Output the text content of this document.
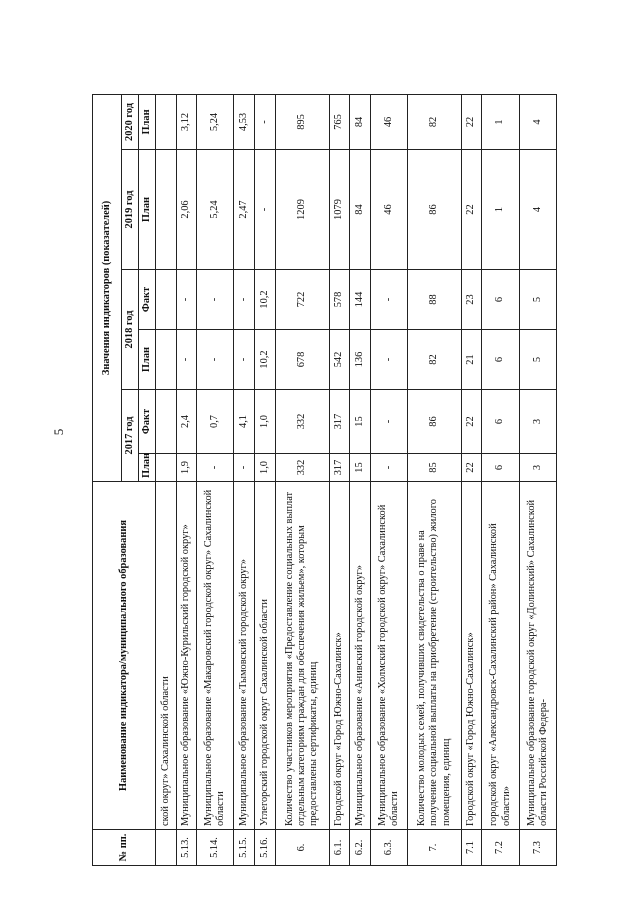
5
№ пп.	Наименование индикатора/муниципального образования	Значения индикаторов (показателей)					
		2017 год		2018 год		2019 год	2020 год
		План	Факт	План	Факт	План	План
	ской округ» Сахалинской области						
5.13.	Муниципальное образование «Южно-Курильский городской округ»	1,9	2,4	-	-	2,06	3,12
5.14.	Муниципальное образование «Макаровский городской округ» Сахалинской области	-	0,7	-	-	5,24	5,24
5.15.	Муниципальное образование «Тымовский городской округ»	-	4,1	-	-	2,47	4,53
5.16.	Углегорский городской округ Сахалинской области	1,0	1,0	10,2	10,2	-	-
6.	Количество участников мероприятия «Предоставление социальных выплат отдельным категориям граждан для обеспечения жильем», которым предоставлены сертификаты, единиц	332	332	678	722	1209	895
6.1.	Городской округ «Город Южно-Сахалинск»	317	317	542	578	1079	765
6.2.	Муниципальное образование «Анивский городской округ»	15	15	136	144	84	84
6.3.	Муниципальное образование «Холмский городской округ» Сахалинской области	-	-	-	-	46	46
7.	Количество молодых семей, получивших свидетельства о праве на получение социальной выплаты на приобретение (строительство) жилого помещения, единиц	85	86	82	88	86	82
7.1	Городской округ «Город Южно-Сахалинск»	22	22	21	23	22	22
7.2	городской округ «Александровск-Сахалинский район» Сахалинской области»	6	6	6	6	1	1
7.3	Муниципальное образование городской округ «Долинский» Сахалинской области Российской Федера-	3	3	5	5	4	4
